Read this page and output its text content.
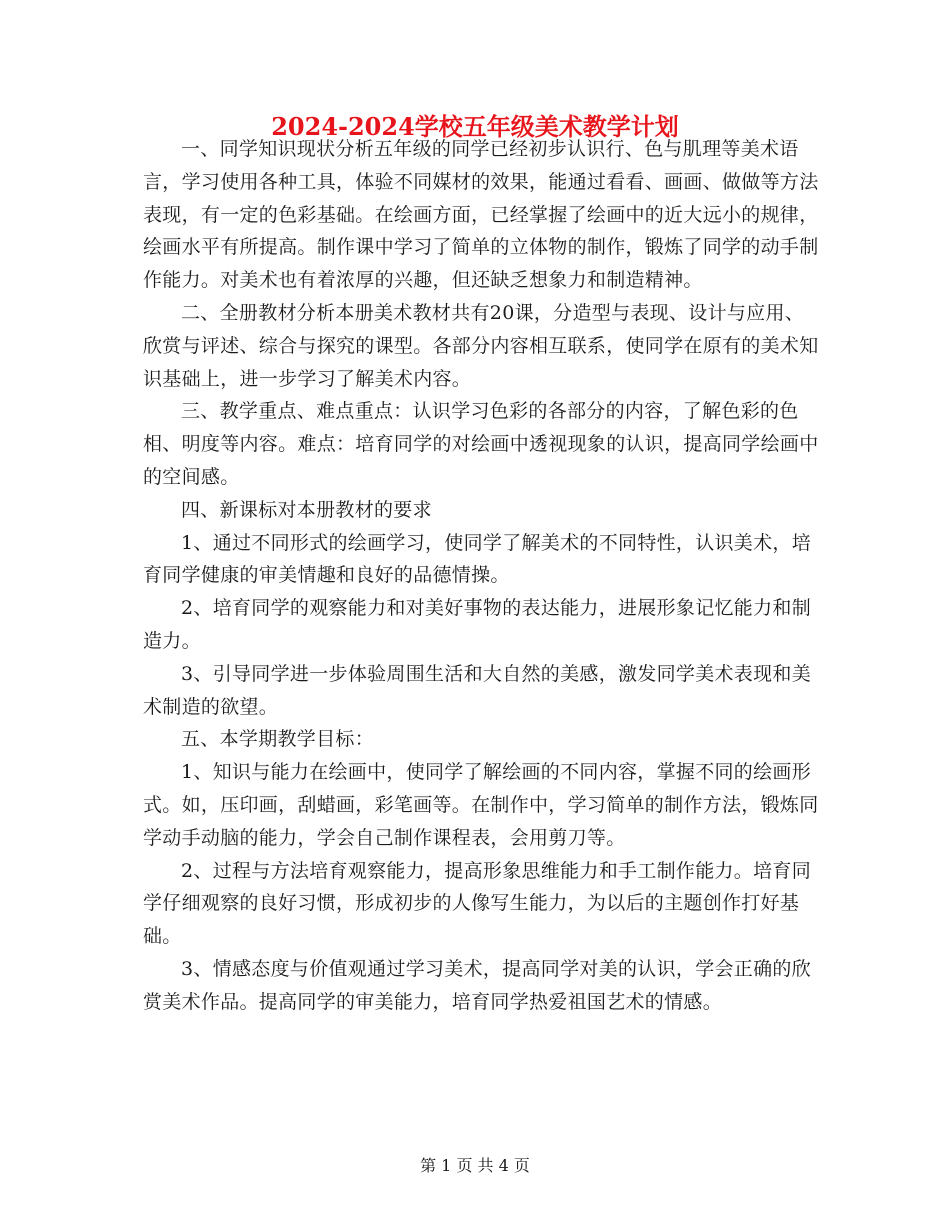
2024-2024学校五年级美术教学计划

一、同学知识现状分析五年级的同学已经初步认识行、色与肌理等美术语言，学习使用各种工具，体验不同媒材的效果，能通过看看、画画、做做等方法表现，有一定的色彩基础。在绘画方面，已经掌握了绘画中的近大远小的规律，绘画水平有所提高。制作课中学习了简单的立体物的制作，锻炼了同学的动手制作能力。对美术也有着浓厚的兴趣，但还缺乏想象力和制造精神。

二、全册教材分析本册美术教材共有20课，分造型与表现、设计与应用、欣赏与评述、综合与探究的课型。各部分内容相互联系，使同学在原有的美术知识基础上，进一步学习了解美术内容。

三、教学重点、难点重点：认识学习色彩的各部分的内容，了解色彩的色相、明度等内容。难点：培育同学的对绘画中透视现象的认识，提高同学绘画中的空间感。

四、新课标对本册教材的要求

1、通过不同形式的绘画学习，使同学了解美术的不同特性，认识美术，培育同学健康的审美情趣和良好的品德情操。

2、培育同学的观察能力和对美好事物的表达能力，进展形象记忆能力和制造力。

3、引导同学进一步体验周围生活和大自然的美感，激发同学美术表现和美术制造的欲望。

五、本学期教学目标：

1、知识与能力在绘画中，使同学了解绘画的不同内容，掌握不同的绘画形式。如，压印画，刮蜡画，彩笔画等。在制作中，学习简单的制作方法，锻炼同学动手动脑的能力，学会自己制作课程表，会用剪刀等。

2、过程与方法培育观察能力，提高形象思维能力和手工制作能力。培育同学仔细观察的良好习惯，形成初步的人像写生能力，为以后的主题创作打好基础。

3、情感态度与价值观通过学习美术，提高同学对美的认识，学会正确的欣赏美术作品。提高同学的审美能力，培育同学热爱祖国艺术的情感。

第 1 页 共 4 页
